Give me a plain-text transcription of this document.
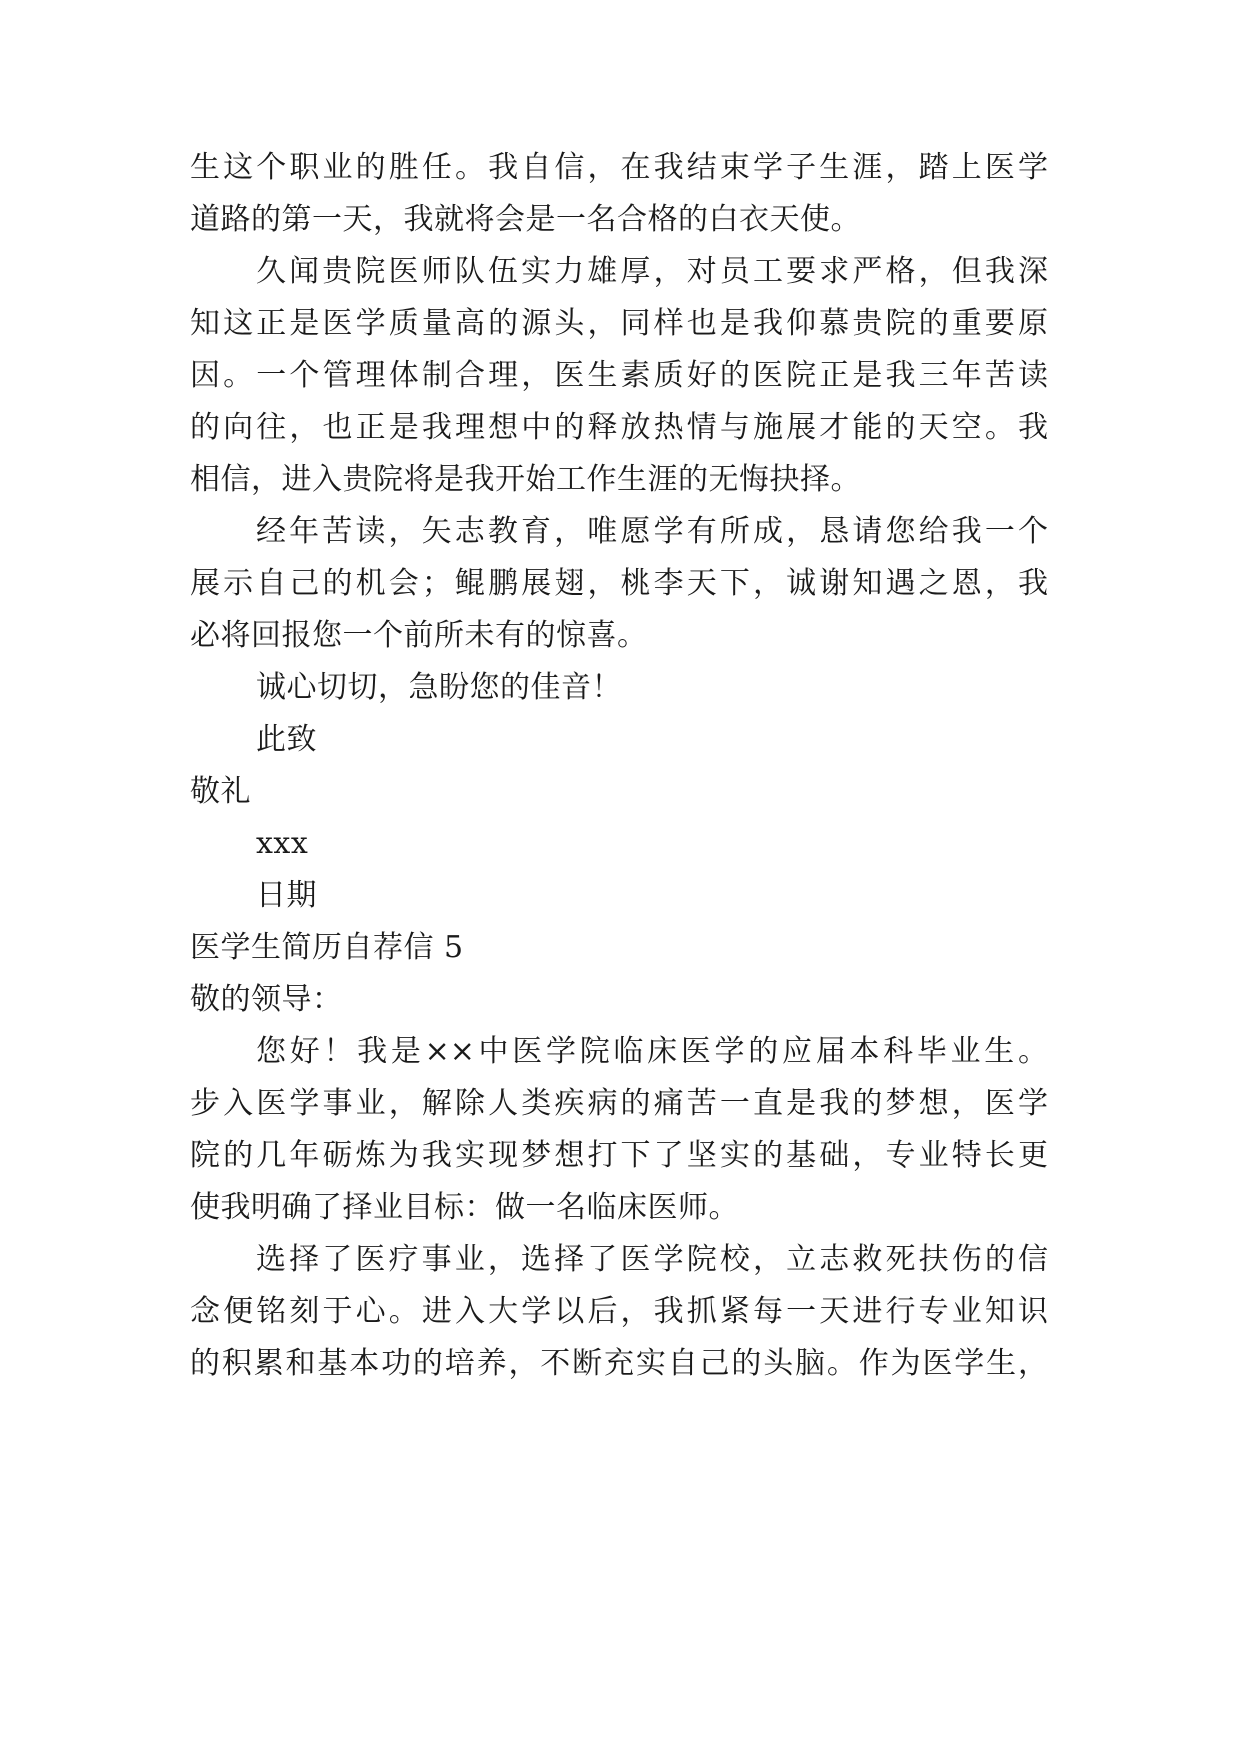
生这个职业的胜任。我自信，在我结束学子生涯，踏上医学
道路的第一天，我就将会是一名合格的白衣天使。
久闻贵院医师队伍实力雄厚，对员工要求严格，但我深
知这正是医学质量高的源头，同样也是我仰慕贵院的重要原
因。一个管理体制合理，医生素质好的医院正是我三年苦读
的向往，也正是我理想中的释放热情与施展才能的天空。我
相信，进入贵院将是我开始工作生涯的无悔抉择。
经年苦读，矢志教育，唯愿学有所成，恳请您给我一个
展示自己的机会；鲲鹏展翅，桃李天下，诚谢知遇之恩，我
必将回报您一个前所未有的惊喜。
诚心切切，急盼您的佳音！
此致
敬礼
xxx
日期
医学生简历自荐信 5
敬的领导：
您好！我是××中医学院临床医学的应届本科毕业生。
步入医学事业，解除人类疾病的痛苦一直是我的梦想，医学
院的几年砺炼为我实现梦想打下了坚实的基础，专业特长更
使我明确了择业目标：做一名临床医师。
选择了医疗事业，选择了医学院校，立志救死扶伤的信
念便铭刻于心。进入大学以后，我抓紧每一天进行专业知识
的积累和基本功的培养，不断充实自己的头脑。作为医学生，
